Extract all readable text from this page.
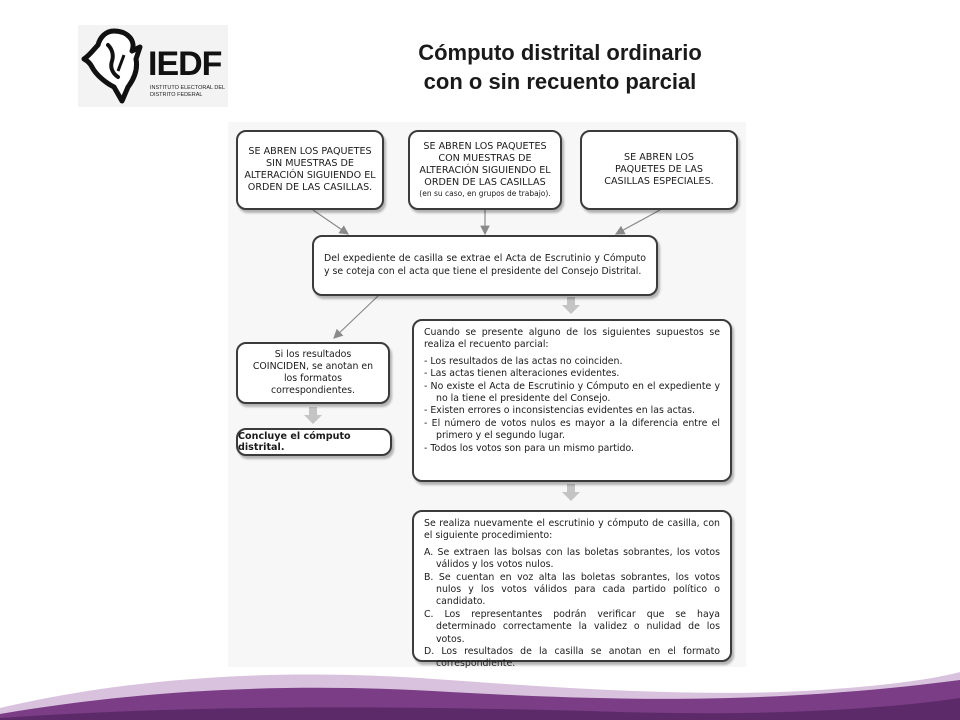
IEDF
INSTITUTO ELECTORAL DEL DISTRITO FEDERAL
Cómputo distrital ordinario
con o sin recuento parcial
SE ABREN LOS PAQUETES SIN MUESTRAS DE ALTERACIÓN SIGUIENDO EL ORDEN DE LAS CASILLAS.
SE ABREN LOS PAQUETES CON MUESTRAS DE ALTERACIÓN SIGUIENDO EL ORDEN DE LAS CASILLAS
(en su caso, en grupos de trabajo).
SE ABREN LOS PAQUETES DE LAS CASILLAS ESPECIALES.
Del expediente de casilla se extrae el Acta de Escrutinio y Cómputo y se coteja con el acta que tiene el presidente del Consejo Distrital.
Si los resultados COINCIDEN, se anotan en los formatos correspondientes.
Concluye el cómputo distrital.
Cuando se presente alguno de los siguientes supuestos se realiza el recuento parcial:
- Los resultados de las actas no coinciden.
- Las actas tienen alteraciones evidentes.
- No existe el Acta de Escrutinio y Cómputo en el expediente y no la tiene el presidente del Consejo.
- Existen errores o inconsistencias evidentes en las actas.
- El número de votos nulos es mayor a la diferencia entre el primero y el segundo lugar.
- Todos los votos son para un mismo partido.
Se realiza nuevamente el escrutinio y cómputo de casilla, con el siguiente procedimiento:
A. Se extraen las bolsas con las boletas sobrantes, los votos válidos y los votos nulos.
B. Se cuentan en voz alta las boletas sobrantes, los votos nulos y los votos válidos para cada partido político o candidato.
C. Los representantes podrán verificar que se haya determinado correctamente la validez o nulidad de los votos.
D. Los resultados de la casilla se anotan en el formato correspondiente.
